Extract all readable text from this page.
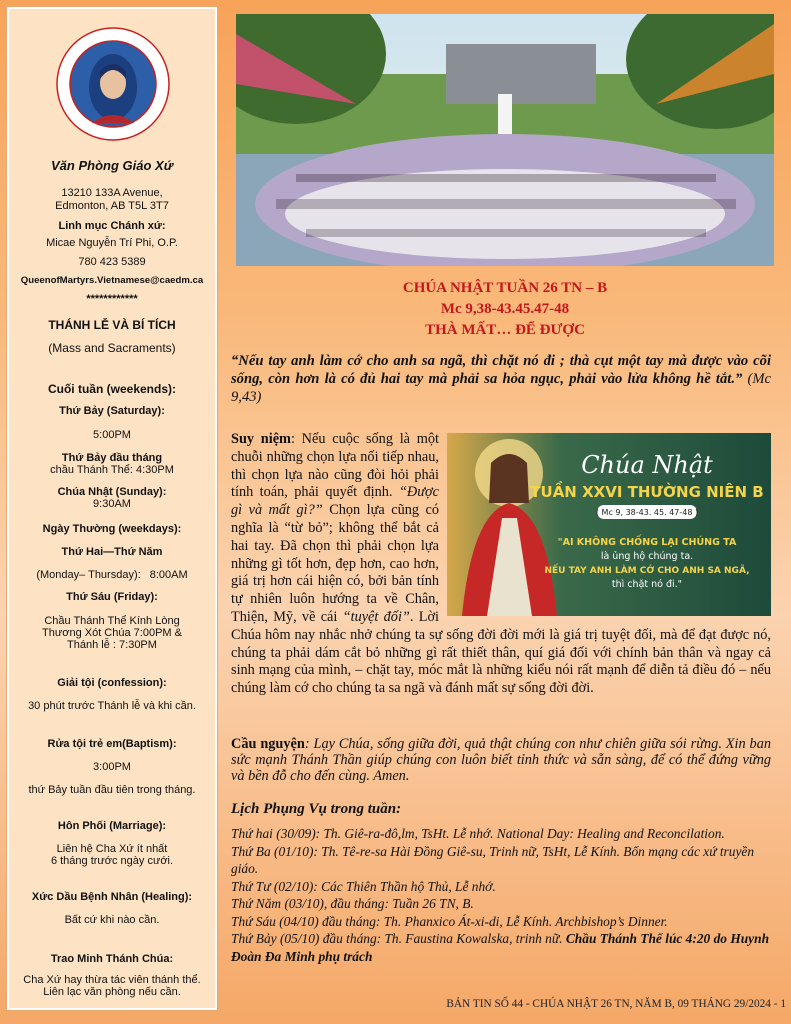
Văn Phòng Giáo Xứ
13210 133A Avenue,
Edmonton, AB T5L 3T7
Linh mục Chánh xứ:
Micae Nguyễn Trí Phi, O.P.
780 423 5389
QueenofMartyrs.Vietnamese@caedm.ca
************
THÁNH LỄ VÀ BÍ TÍCH
(Mass and Sacraments)
Cuối tuần (weekends):
Thứ Bảy (Saturday):
5:00PM
Thứ Bảy đầu tháng
chầu Thánh Thể: 4:30PM
Chúa Nhật (Sunday):
9:30AM
Ngày Thường (weekdays):
Thứ Hai—Thứ Năm
(Monday– Thursday): 8:00AM
Thứ Sáu (Friday):
Chầu Thánh Thể Kính Lòng
Thương Xót Chúa 7:00PM &
Thánh lễ : 7:30PM
Giải tội (confession):
30 phút trước Thánh lễ và khi cần.
Rửa tội trẻ em(Baptism):
3:00PM
thứ Bảy tuần đầu tiên trong tháng.
Hôn Phối (Marriage):
Liên hệ Cha Xứ ít nhất
6 tháng trước ngày cưới.
Xức Dầu Bệnh Nhân (Healing):
Bất cứ khi nào cần.
Trao Minh Thánh Chúa:
Cha Xứ hay thừa tác viên thánh thể.
Liên lạc văn phòng nếu cần.
CHÚA NHẬT TUẦN 26 TN – B
Mc 9,38-43.45.47-48
THÀ MẤT… ĐỂ ĐƯỢC
“Nếu tay anh làm cớ cho anh sa ngã, thì chặt nó đi ; thà cụt một tay mà được vào cõi sống, còn hơn là có đủ hai tay mà phải sa hỏa ngục, phải vào lửa không hề tắt.” (Mc 9,43)
Chúa Nhật
TUẦN XXVI THƯỜNG NIÊN B
( Mc 9, 38-43. 45. 47-48 )
"AI KHÔNG CHỐNG LẠI CHÚNG TA
là ủng hộ chúng ta.
NẾU TAY ANH LÀM CỚ CHO ANH SA NGÃ,
thì chặt nó đi."
Suy niệm: Nếu cuộc sống là một chuỗi những chọn lựa nối tiếp nhau, thì chọn lựa nào cũng đòi hỏi phải tính toán, phải quyết định. “Được gì và mất gì?” Chọn lựa cũng có nghĩa là “từ bỏ”; không thể bắt cả hai tay. Đã chọn thì phải chọn lựa những gì tốt hơn, đẹp hơn, cao hơn, giá trị hơn cái hiện có, bởi bản tính tự nhiên luôn hướng ta về Chân, Thiện, Mỹ, về cái “tuyệt đối”. Lời Chúa hôm nay nhắc nhở chúng ta sự sống đời đời mới là giá trị tuyệt đối, mà để đạt được nó, chúng ta phải dám cắt bỏ những gì rất thiết thân, quí giá đối với chính bản thân và ngay cả sinh mạng của mình, – chặt tay, móc mắt là những kiểu nói rất mạnh để diễn tả điều đó – nếu chúng làm cớ cho chúng ta sa ngã và đánh mất sự sống đời đời.
Cầu nguyện: Lạy Chúa, sống giữa đời, quả thật chúng con như chiên giữa sói rừng. Xin ban sức mạnh Thánh Thần giúp chúng con luôn biết tỉnh thức và sẵn sàng, để có thể đứng vững và bền đỗ cho đến cùng. Amen.
Lịch Phụng Vụ trong tuần:
Thứ hai (30/09): Th. Giê-ra-đô,lm, TsHt. Lễ nhớ. National Day: Healing and Reconcilation.
Thứ Ba (01/10): Th. Tê-re-sa Hài Đồng Giê-su, Trinh nữ, TsHt, Lễ Kính. Bổn mạng các xứ truyền giáo.
Thứ Tư (02/10): Các Thiên Thần hộ Thủ, Lễ nhớ.
Thứ Năm (03/10), đầu tháng: Tuần 26 TN, B.
Thứ Sáu (04/10) đầu tháng: Th. Phanxico Át-xi-di, Lễ Kính. Archbishop’s Dinner.
Thứ Bảy (05/10) đầu tháng: Th. Faustina Kowalska, trinh nữ. Chầu Thánh Thể lúc 4:20 do Huynh Đoàn Đa Minh phụ trách
BẢN TIN SỐ 44 - CHÚA NHẬT 26 TN, NĂM B, 09 THÁNG 29/2024 - 1
